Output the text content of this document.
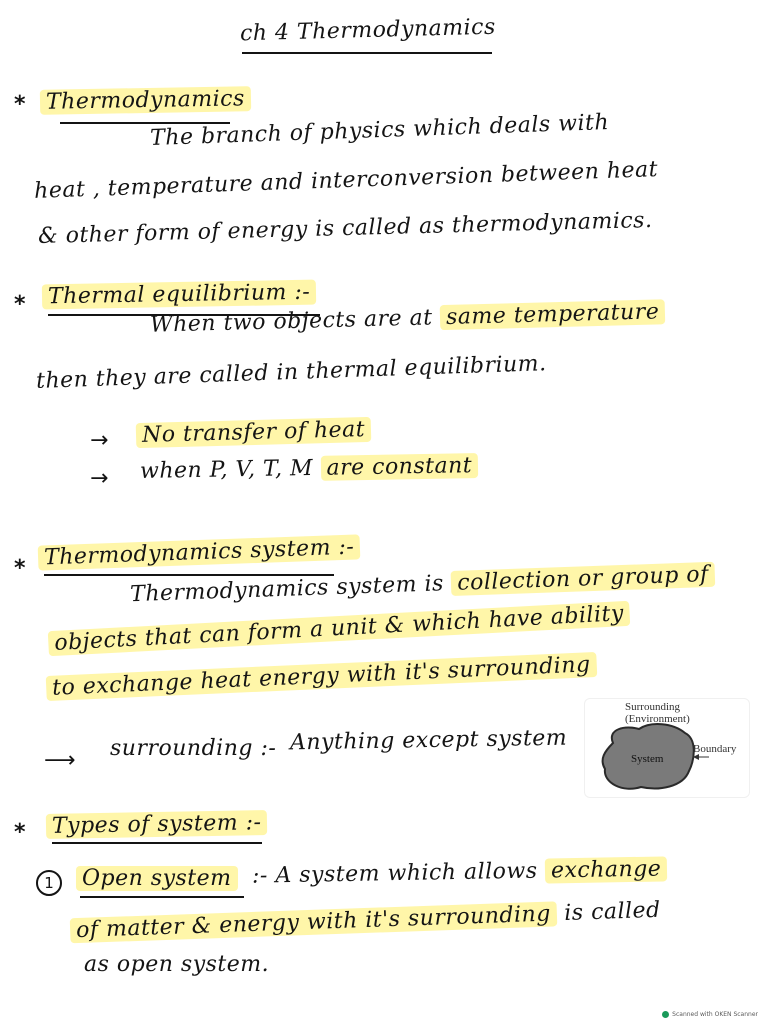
ch 4 Thermodynamics
* Thermodynamics
The branch of physics which deals with
heat , temperature and interconversion between heat
& other form of energy is called as thermodynamics.
* Thermal equilibrium :-
When two objects are at same temperature
then they are called in thermal equilibrium.
→ No transfer of heat
→ when P, V, T, M are constant
* Thermodynamics system :-
Thermodynamics system is collection or group of
objects that can form a unit & which have ability
to exchange heat energy with it's surrounding
⟶ surrounding :- Anything except system
Surrounding
(Environment)
System
Boundary
* Types of system :-
1	Open system :- A system which allows exchange
of matter & energy with it's surrounding is called
as open system.
Scanned with OKEN Scanner
